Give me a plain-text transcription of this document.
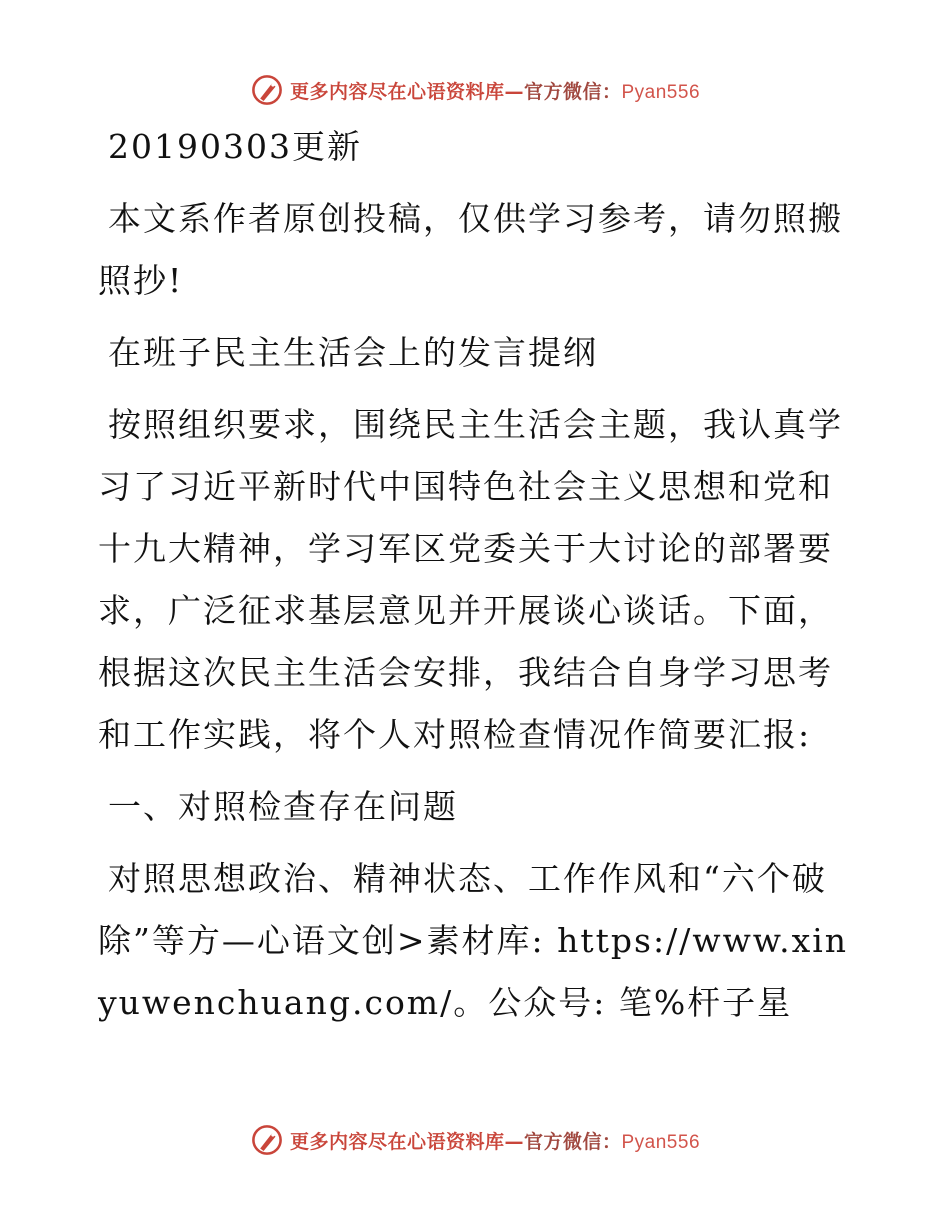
更多内容尽在心语资料库—官方微信：Pyan556

20190303更新

本文系作者原创投稿，仅供学习参考，请勿照搬照抄!

在班子民主生活会上的发言提纲

按照组织要求，围绕民主生活会主题，我认真学习了习近平新时代中国特色社会主义思想和党和十九大精神，学习军区党委关于大讨论的部署要求，广泛征求基层意见并开展谈心谈话。下面，根据这次民主生活会安排，我结合自身学习思考和工作实践，将个人对照检查情况作简要汇报:

一、对照检查存在问题

对照思想政治、精神状态、工作作风和“六个破除”等方—心语文创>素材库: https://www.xinyuwenchuang.com/。公众号: 笔%杆子星

更多内容尽在心语资料库—官方微信：Pyan556
